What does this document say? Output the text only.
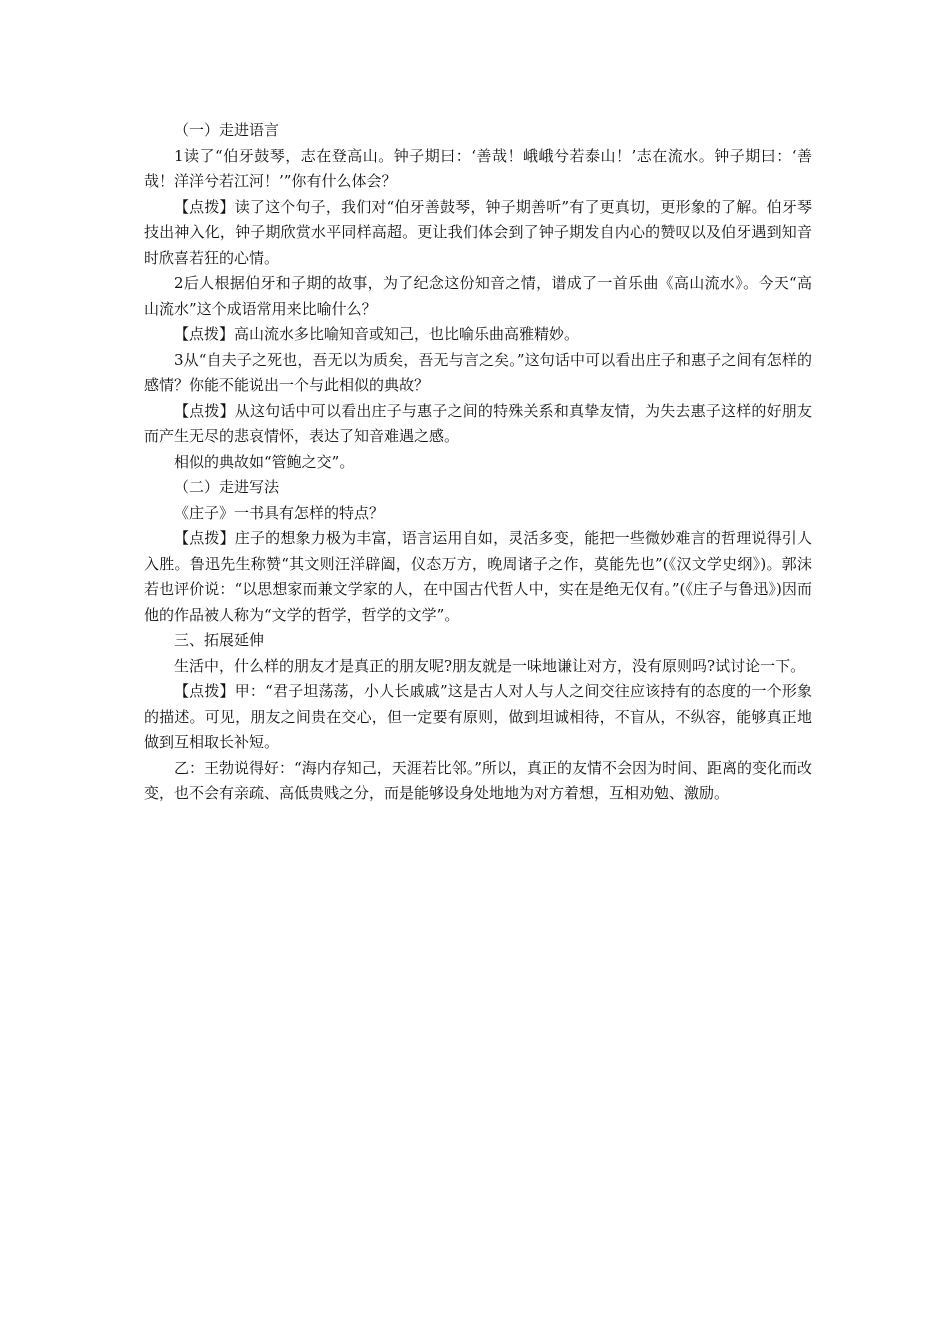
（一）走进语言

1读了“伯牙鼓琴，志在登高山。钟子期曰：‘善哉！峨峨兮若泰山！’志在流水。钟子期曰：‘善哉！洋洋兮若江河！’”你有什么体会？

【点拨】读了这个句子，我们对“伯牙善鼓琴，钟子期善听”有了更真切，更形象的了解。伯牙琴技出神入化，钟子期欣赏水平同样高超。更让我们体会到了钟子期发自内心的赞叹以及伯牙遇到知音时欣喜若狂的心情。

2后人根据伯牙和子期的故事，为了纪念这份知音之情，谱成了一首乐曲《高山流水》。今天“高山流水”这个成语常用来比喻什么？

【点拨】高山流水多比喻知音或知己，也比喻乐曲高雅精妙。

3从“自夫子之死也，吾无以为质矣，吾无与言之矣。”这句话中可以看出庄子和惠子之间有怎样的感情？你能不能说出一个与此相似的典故？

【点拨】从这句话中可以看出庄子与惠子之间的特殊关系和真挚友情，为失去惠子这样的好朋友而产生无尽的悲哀情怀，表达了知音难遇之感。

相似的典故如“管鲍之交”。

（二）走进写法

《庄子》一书具有怎样的特点？

【点拨】庄子的想象力极为丰富，语言运用自如，灵活多变，能把一些微妙难言的哲理说得引人入胜。鲁迅先生称赞“其文则汪洋辟阖，仪态万方，晚周诸子之作，莫能先也”(《汉文学史纲》)。郭沫若也评价说：“以思想家而兼文学家的人，在中国古代哲人中，实在是绝无仅有。”(《庄子与鲁迅》)因而他的作品被人称为“文学的哲学，哲学的文学”。

三、拓展延伸

生活中，什么样的朋友才是真正的朋友呢?朋友就是一味地谦让对方，没有原则吗?试讨论一下。

【点拨】甲：“君子坦荡荡，小人长戚戚”这是古人对人与人之间交往应该持有的态度的一个形象的描述。可见，朋友之间贵在交心，但一定要有原则，做到坦诚相待，不盲从，不纵容，能够真正地做到互相取长补短。

乙：王勃说得好：“海内存知己，天涯若比邻。”所以，真正的友情不会因为时间、距离的变化而改变，也不会有亲疏、高低贵贱之分，而是能够设身处地地为对方着想，互相劝勉、激励。
